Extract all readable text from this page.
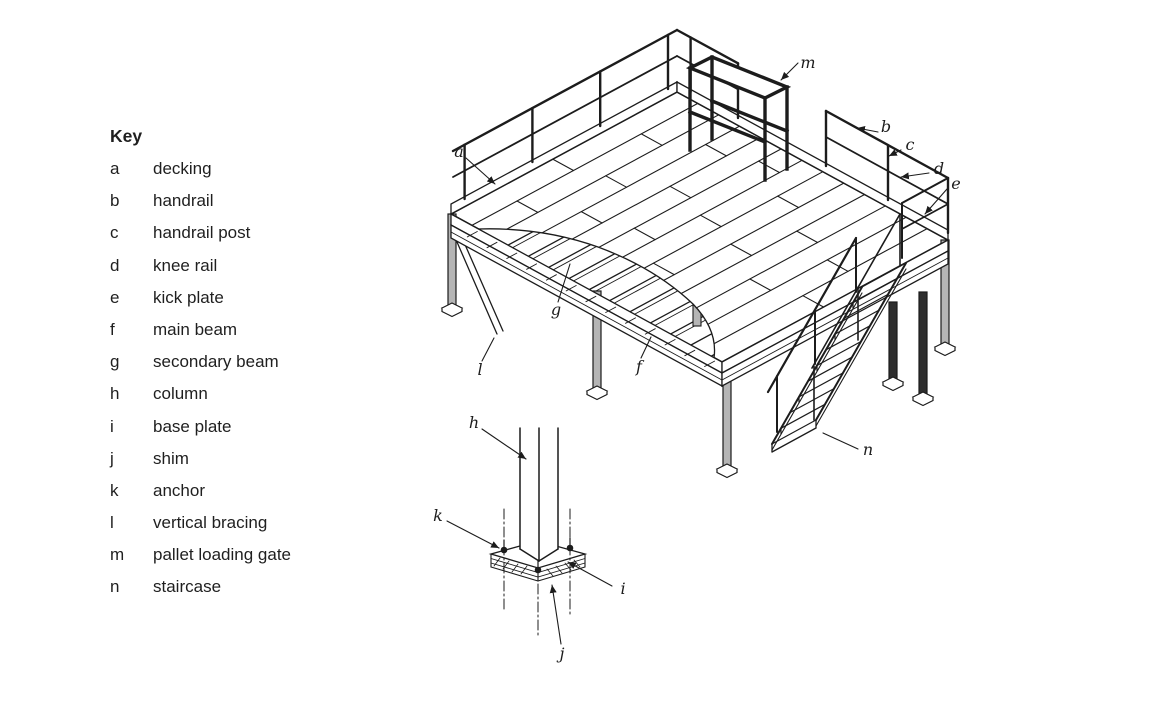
Key
a	decking
b	handrail
c	handrail post
d	knee rail
e	kick plate
f	main beam
g	secondary beam
h	column
i	base plate
j	shim
k	anchor
l	vertical bracing
m	pallet loading gate
n	staircase
a
b
c
d
e
f
g
l
m
n
h
k
i
j
